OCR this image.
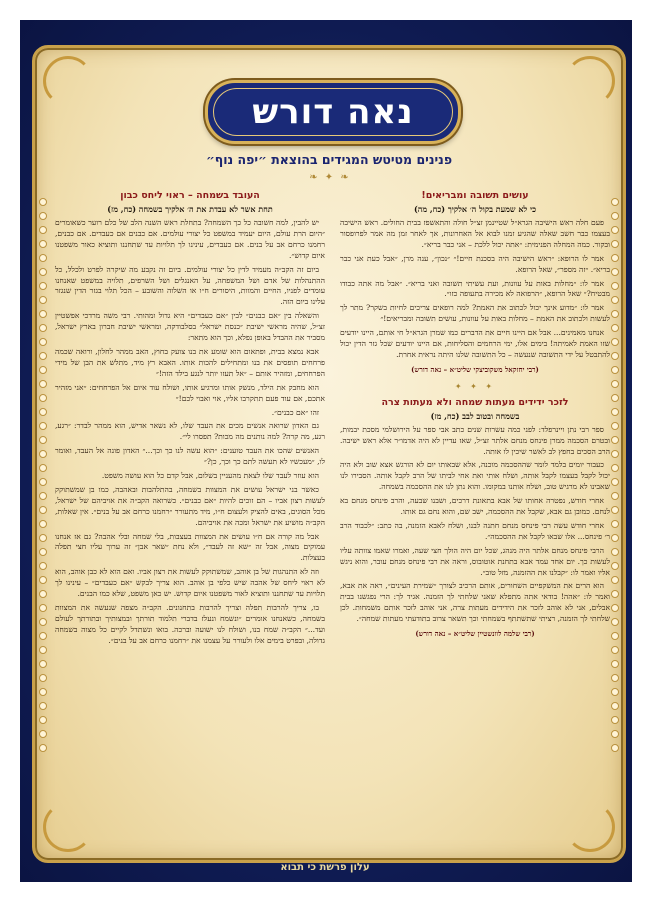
נאה דורש
פנינים מטיטש המגידים בהוצאת ״יפה נוף״
❧ ✦ ❧
עושים תשובה ומבריאים!
כי לא שמעת בקול ה׳ אלקיך (כח, מה)

פעם חלה ראש הישיבה הגרא״ל שטיינמן זצ״ל חולה והתאשפז בבית החולים. ראש הישיבה בעצמו כבר חשב שאלה שהגיע זמנו לבוא אל האחרונות, אך לאחר זמן מה אמר לפרופסור ובקור. כמה המחלה הפנימית: ״אתה יכול ללכת – אני כבר בריא״.

אמר לו הרופא: ״ראש הישיבה היה בסכנת חיים!״ ״נכון״, ענה מרן, ״אבל כעת אני כבר בריא״. ״זה מספר״, שאל הרופא.

אמר לו: ״מחלות באות על עוונות, ועת עשיתי תשובה ואני בריא״. ״אבל מה אתה כבודו מבטיח?״ שאל הרופא, ״הרפואה לא מכירה בתעופה כזו״.

אמר לו: ״מדוע אינך יכול לכתוב את האמת? למה רופאים צריכים לחיות בשקר? מתר לך לעשות ולכתוב את האמת – מחלות באות על עוונות, עושים תשובה ומבריאים!״

אנחנו מאמינים... אבל אם היינו חיים את הדברים כמו שמרן הגרא״ל חי אותם, היינו יודעים שזו האמת לאמיתה! בימים אלו, ימי הרחמים והסליחות, אם היינו יודעים שכל גזר הדין יכול להתבטל על ידי התשובה שנעשה – כל התשובה שלנו היתה נראית אחרת.

(רבי יחזקאל משקוביצקי שליט״א – נאה דורש)
✦ ✦ ✦
לזכר ידידים מעתות שמחה ולא מעתות צרה
בשמחה ובטוב לבב (כח, מז)

ספר רבי נתן ויינרפלד: לפני כמה עשרות שנים כתב אבי ספר על הירושלמי מסכת יבמות, ובטרם הסכמה ממרן פינחס מנחם אלתר זצ״ל, שאז עדיין לא היה אדמו״ר אלא ראש ישיבה. הרב הסכים בחפץ לב לאשר שיכין לו אותה.

כעבור יומים בלמד לומר שההסכמה מוכנה, אלא שבאותו יום לא הורגש אצא שוב ולא היה יכול לקבל בעצמו לקבל אותה, ושלח אותי ואת אחי לביתו של הרב לקבל אותה. הסבירו לנו שאבינו לא מרגיש טוב, ושלח אותנו במקומו. והוא נתן לנו את ההסכמה בשמחה.

אחרי חודש, נפטרה אחותו של אבא בתאונת דרכים, ושבנו שבעה, והרב פינחס מנחם בא לנחם. כמובן גם אבא, שקבל את ההסכמה, ישב שם, והוא נחם גם אותו.

אחרי חודש עשה רבי פינחס מנחם חתנה לבנו, ושלח לאבא הזמנה, בה כתב: ״לכבוד הרב ר׳ פינחס... אלו שבאו לקבל את ההסכמה״.

הרבי פינחס מנחם אלתר היה מנהג, שכל יום היה הולך חצי שעה, ואמרו שאמו צוותה עליו לעשות כך. יום אחד עמד אבא בתחנת אוטובוס, וראה את רבי פינחס מנחם עובר, והוא ניגש אליו ואמר לו: ״קבלנו את ההזמנה, מזל טוב״.

הוא הרים את המשקפיים השחורים, אותם הרכיב לצורך ״שמירת העינים״, ראה את אבא, ואמר לו: ״אהה! בודאי אתה מתפלא שאני שלחתי לך הזמנה. אגיד לך: הרי נפגשנו בבית אבלים, אני לא אוהב לזכר את הידידים מעתות צרה, אני אוהב לזכר אותם משמחות. לכן שלחתי לך הזמנה, רציתי שתשתתף בשמחתי וכך תשאר צרוב בתודעתי מעתות שמחה״.

(רבי שלמה לוונשטיין שליט״א – נאה דורש)
העובד בשמחה – ראוי ליחס כבון
תחת אשר לא עבדת את ה׳ אלקיך בשמחה (כח, מז)

יש להבין, למה חשובה כל כך השמחה? בתחלת ראש השנה הלב של כלם רוער כשאומרים ״היום הרת עולם, היום יעמיד במשפט כל יצורי עולמים. אם כבנים אם כעבדים. אם כבנים, רחמנו כרחם אב על בנים. אם כעבדים, עינינו לך תלויות עד שתחננו ותוציא כאור משפטנו איום קדוש״.

ביום זה הקב״ה מעמיד לדין כל יצורי עולמים. ביום זה נקבע מה שיקרה לפרט ולכלל, כל ההתנהלות של אדם ושל המשפחה, על האנגלים ושל השרפים, תלויה במשפט שאנחנו עומדים לפניו, החיים והמוות, היסורים ח״ו או השלוה והשובע – הכל תלוי בגזר הדין שנגזר עלינו ביום הזה.

והשאלה בין ״אם כבנים״ לבין ״אם כעבדים״ היא גדול ומהותי. רבי משה מרדכי אפשטיין זצ״ל, שהיה מראשי ישיבת ״כנסת ישראל״ בסלבודקה, ומראשי ישיבת חברון בארץ ישראל, מסביר את ההבדל באופן נפלא, וכך הוא מתאר:

אבא נמצא בבית, ופתאום הוא שומע את בנו צועק בחוץ, האב ממהר לחלון, ורואה שכמה פרחחים תופסים את בנו ומתחילים להכות אותו. האבא רץ מיד, מתלש את הבן של מידי הפרחחים, ומזהיר אותם – ״אל תעזו יותר לנגע בילד הזה!״

הוא מחבק את הילד, מנשק אותו ומרגיע אותו, ושולח עוד איום אל הפרחחים: ״אני מזהיר אתכם, אם עוד פעם תתקרבו אליו, אוי ואבוי לכם!״

זהו ״אם כבנים״.

גם האדון שרואה אנשים מכים את העבד שלו, לא נשאר אדיש, הוא ממהר לבדר: ״רגע, רגע, מה קרה? למה נותנים מה מכות? תפסרו לי״.

האנשים שהכו את העבד טוענים: ״הוא עשה לנו כך וכך...״ האדון פונה אל העבד, ואומר לו, ״מעכשיו לא תעשה לתם כך וכך, כן?״

הוא עוזר לעבד שלו לצאת מהעניין בשלום, אבל קדם כל הוא עושה משפט.

כאשר בני ישראל עושים את המצוות בשמחה, בהתלהבות ובאהבה, כמו בן שמשתוקק לעשות רצון אביו – הם זוכים להיות ״אם כבנים״. כשרואה הקב״ה את אויביהם של ישראל, מכל הסוגים, באים להציק ולעצום ח״ו, מיד מתעורר ״רחמנו כרחם אב על בנים״. אין שאלות, הקב״ה מושיע את ישראל ומכה את אויביהם.

אבל מה קורה אם ח״ו עושים את המצוות בעצבות, בלי שמחה ובלי אהבה? גם אז אנחנו עמוקים מצוה, אבל זה ״שא זה לעבד״, ולא נחת ״שאר אבן״ זה ערוך עליו חצי תפלה בעצלות.

וזה לא התנהגות של בן אוהב, שמשתוקק לעשות את רצון אביו. ואם הוא לא כבן אוהב, הוא לא ראוי ליחס של אהבה שיש כלפי בן אוהב. הוא צריך לבקש ״אם כעבדים״ – עינינו לך תלויות עד שתחננו ותוציא לאור משפטנו איום קדוש. יש כאן משפט, שלא כמו הבנים.

בו, צריך להרבות תפלה וצריך להרבות בתחנונים. הקב״ה מצפה שנעשה את המצוות בשמחה, כשאנחנו אומרים ״ונשמח ונעלז בדברי תלמוד תורתך ובמצותיך ובתורתך לעולם ועד...״ הקב״ה שמח בנו, ושולח לנו ישועה וברכה. בואו ונשתדל לקיים כל מצוה בשמחה גדולה, ובפרט בימים אלו ולעורר על עצמנו את ״רחמנו כרחם אב על בנים״.

עלון פרשת כי תבוא
